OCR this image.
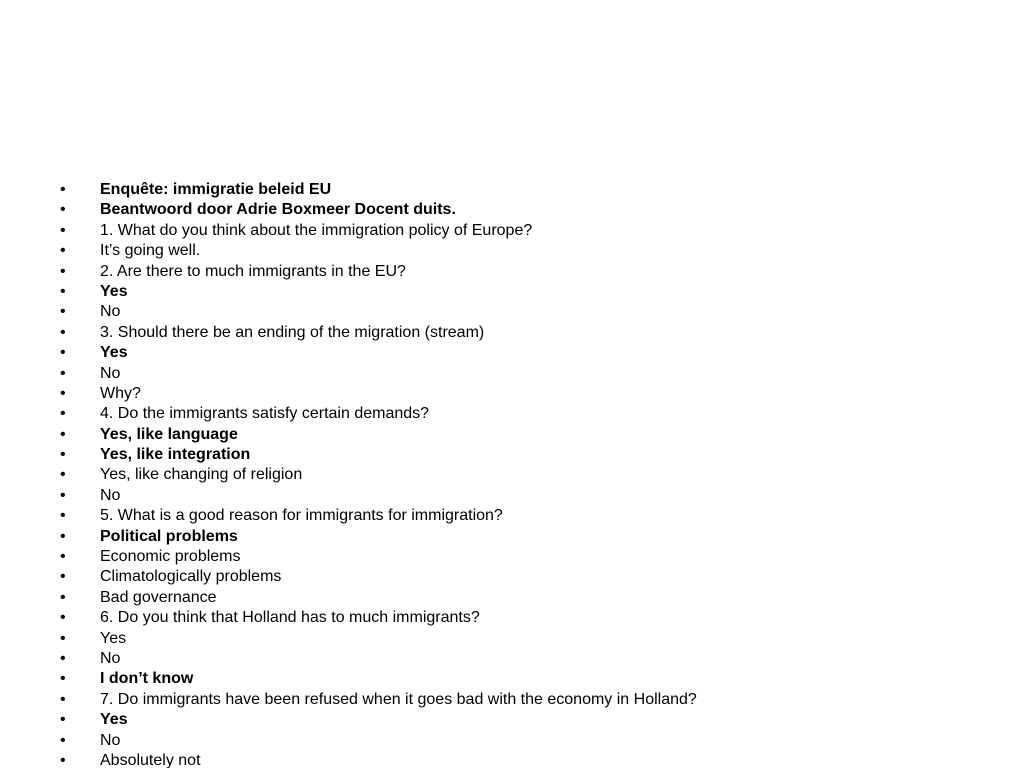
•	Enquête: immigratie beleid EU
•	Beantwoord door Adrie Boxmeer Docent duits.
•	1. What do you think about the immigration policy of Europe?
•	It’s going well.
•	2. Are there to much immigrants in the EU?
•	Yes
•	No
•	3. Should there be an ending of the migration (stream)
•	Yes
•	No
•	Why?
•	4. Do the immigrants satisfy certain demands?
•	Yes, like language
•	Yes, like integration
•	Yes, like changing of religion
•	No
•	5. What is a good reason for immigrants for immigration?
•	Political problems
•	Economic problems
•	Climatologically problems
•	Bad governance
•	6. Do you think that Holland has to much immigrants?
•	Yes
•	No
•	I don’t know
•	7. Do immigrants have been refused when it goes bad with the economy in Holland?
•	Yes
•	No
•	Absolutely not
